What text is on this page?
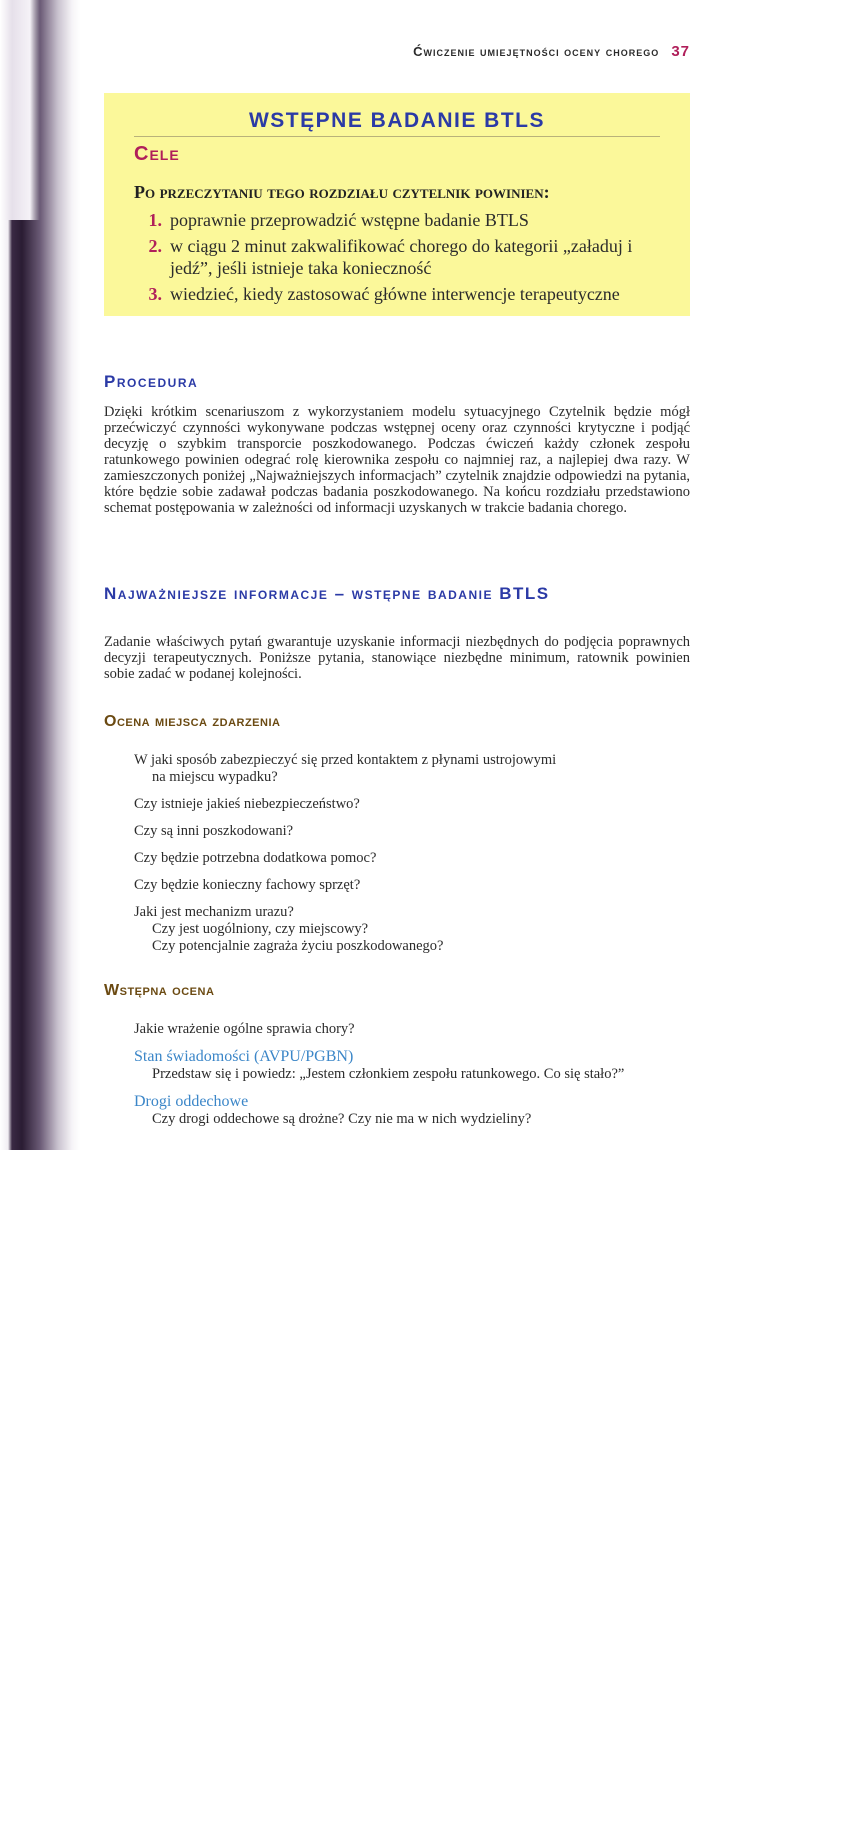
Ćwiczenie umiejętności oceny chorego 37
WSTĘPNE BADANIE BTLS
Cele
Po przeczytaniu tego rozdziału czytelnik powinien:
1. poprawnie przeprowadzić wstępne badanie BTLS
2. w ciągu 2 minut zakwalifikować chorego do kategorii „załaduj i jedź”, jeśli istnieje taka konieczność
3. wiedzieć, kiedy zastosować główne interwencje terapeutyczne
Procedura
Dzięki krótkim scenariuszom z wykorzystaniem modelu sytuacyjnego Czytelnik będzie mógł przećwiczyć czynności wykonywane podczas wstępnej oceny oraz czynności krytyczne i podjąć decyzję o szybkim transporcie poszkodowanego. Podczas ćwiczeń każdy członek zespołu ratunkowego powinien odegrać rolę kierownika zespołu co najmniej raz, a najlepiej dwa razy. W zamieszczonych poniżej „Najważniejszych informacjach” czytelnik znajdzie odpowiedzi na pytania, które będzie sobie zadawał podczas badania poszkodowanego. Na końcu rozdziału przedstawiono schemat postępowania w zależności od informacji uzyskanych w trakcie badania chorego.
Najważniejsze informacje – wstępne badanie BTLS
Zadanie właściwych pytań gwarantuje uzyskanie informacji niezbędnych do podjęcia poprawnych decyzji terapeutycznych. Poniższe pytania, stanowiące niezbędne minimum, ratownik powinien sobie zadać w podanej kolejności.
Ocena miejsca zdarzenia
W jaki sposób zabezpieczyć się przed kontaktem z płynami ustrojowymi
na miejscu wypadku?
Czy istnieje jakieś niebezpieczeństwo?
Czy są inni poszkodowani?
Czy będzie potrzebna dodatkowa pomoc?
Czy będzie konieczny fachowy sprzęt?
Jaki jest mechanizm urazu?
Czy jest uogólniony, czy miejscowy?
Czy potencjalnie zagraża życiu poszkodowanego?
Wstępna ocena
Jakie wrażenie ogólne sprawia chory?
Stan świadomości (AVPU/PGBN)
Przedstaw się i powiedz: „Jestem członkiem zespołu ratunkowego. Co się stało?”
Drogi oddechowe
Czy drogi oddechowe są drożne? Czy nie ma w nich wydzieliny?
